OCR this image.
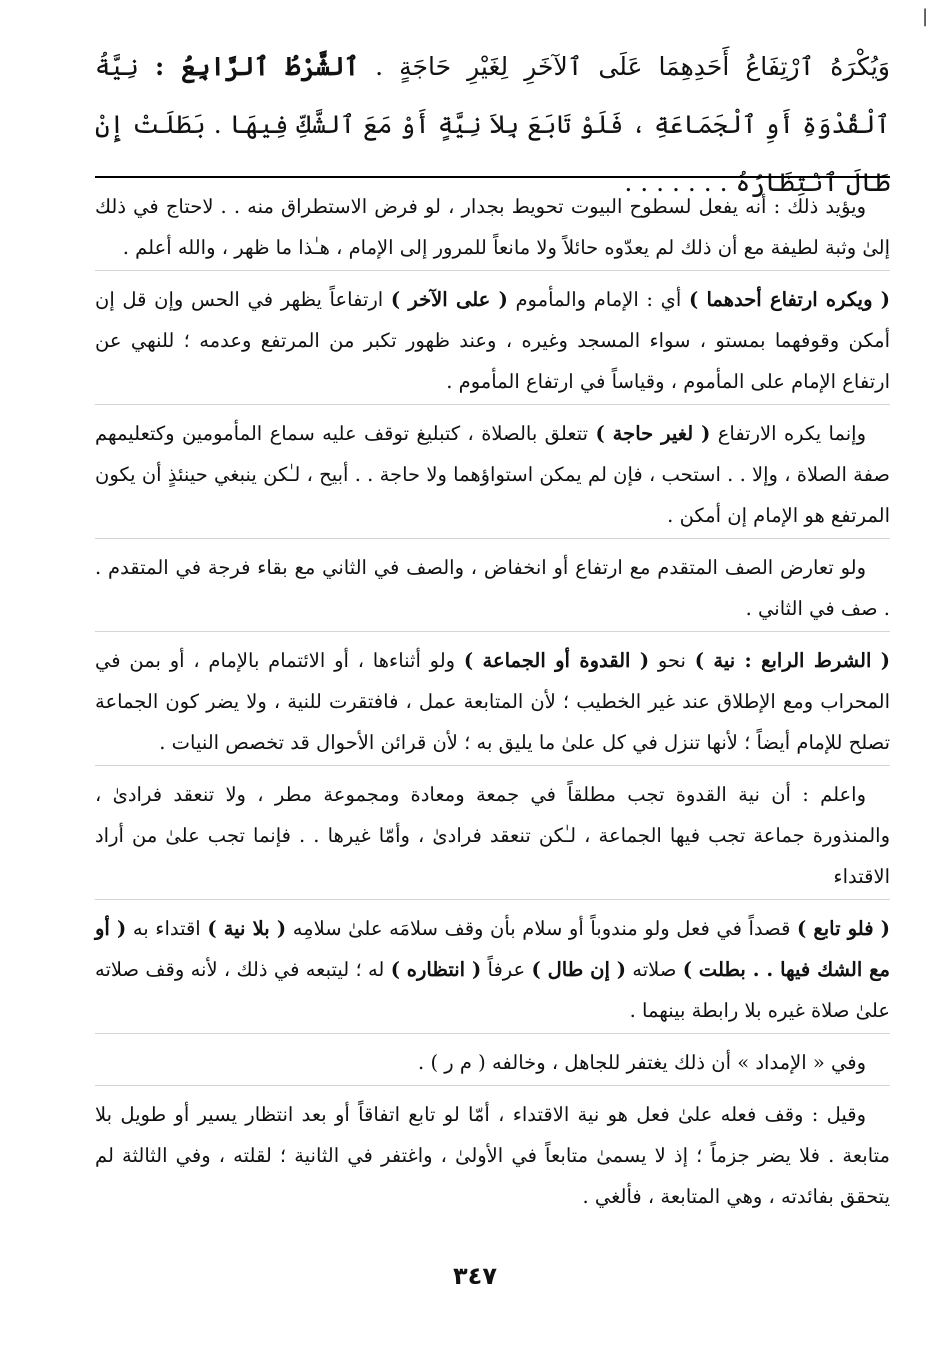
|
وَيُكْرَهُ ٱرْتِفَاعُ أَحَدِهِمَا عَلَى ٱلآخَرِ لِغَيْرِ حَاجَةٍ . ٱلشَّرْطُ ٱلرَّابِعُ : نِيَّةُ ٱلْقُدْوَةِ أَوِ ٱلْجَمَاعَةِ ، فَلَوْ تَابَعَ بِلاَ نِيَّةٍ أَوْ مَعَ ٱلشَّكِّ فِيهَا . بَطَلَتْ إِنْ طَالَ ٱنْتِظَارُهُ . . . . . . .

ويؤيد ذلك : أنه يفعل لسطوح البيوت تحويط بجدار ، لو فرض الاستطراق منه . . لاحتاج في ذلك إلىٰ وثبة لطيفة مع أن ذلك لم يعدّوه حائلاً ولا مانعاً للمرور إلى الإمام ، هـٰذا ما ظهر ، والله أعلم .

( ويكره ارتفاع أحدهما ) أي : الإمام والمأموم ( على الآخر ) ارتفاعاً يظهر في الحس وإن قل إن أمكن وقوفهما بمستو ، سواء المسجد وغيره ، وعند ظهور تكبر من المرتفع وعدمه ؛ للنهي عن ارتفاع الإمام على المأموم ، وقياساً في ارتفاع المأموم .

وإنما يكره الارتفاع ( لغير حاجة ) تتعلق بالصلاة ، كتبليغ توقف عليه سماع المأمومين وكتعليمهم صفة الصلاة ، وإلا . . استحب ، فإن لم يمكن استواؤهما ولا حاجة . . أبيح ، لـٰكن ينبغي حينئذٍ أن يكون المرتفع هو الإمام إن أمكن .

ولو تعارض الصف المتقدم مع ارتفاع أو انخفاض ، والصف في الثاني مع بقاء فرجة في المتقدم . . صف في الثاني .

( الشرط الرابع : نية ) نحو ( القدوة أو الجماعة ) ولو أثناءها ، أو الائتمام بالإمام ، أو بمن في المحراب ومع الإطلاق عند غير الخطيب ؛ لأن المتابعة عمل ، فافتقرت للنية ، ولا يضر كون الجماعة تصلح للإمام أيضاً ؛ لأنها تنزل في كل علىٰ ما يليق به ؛ لأن قرائن الأحوال قد تخصص النيات .

واعلم : أن نية القدوة تجب مطلقاً في جمعة ومعادة ومجموعة مطر ، ولا تنعقد فرادىٰ ، والمنذورة جماعة تجب فيها الجماعة ، لـٰكن تنعقد فرادىٰ ، وأمّا غيرها . . فإنما تجب علىٰ من أراد الاقتداء

( فلو تابع ) قصداً في فعل ولو مندوباً أو سلام بأن وقف سلامَه علىٰ سلامِه ( بلا نية ) اقتداء به ( أو مع الشك فيها . . بطلت ) صلاته ( إن طال ) عرفاً ( انتظاره ) له ؛ ليتبعه في ذلك ، لأنه وقف صلاته علىٰ صلاة غيره بلا رابطة بينهما .

وفي « الإمداد » أن ذلك يغتفر للجاهل ، وخالفه ( م ر ) .

وقيل : وقف فعله علىٰ فعل هو نية الاقتداء ، أمّا لو تابع اتفاقاً أو بعد انتظار يسير أو طويل بلا متابعة . فلا يضر جزماً ؛ إذ لا يسمىٰ متابعاً في الأولىٰ ، واغتفر في الثانية ؛ لقلته ، وفي الثالثة لم يتحقق بفائدته ، وهي المتابعة ، فألغي .

٣٤٧
